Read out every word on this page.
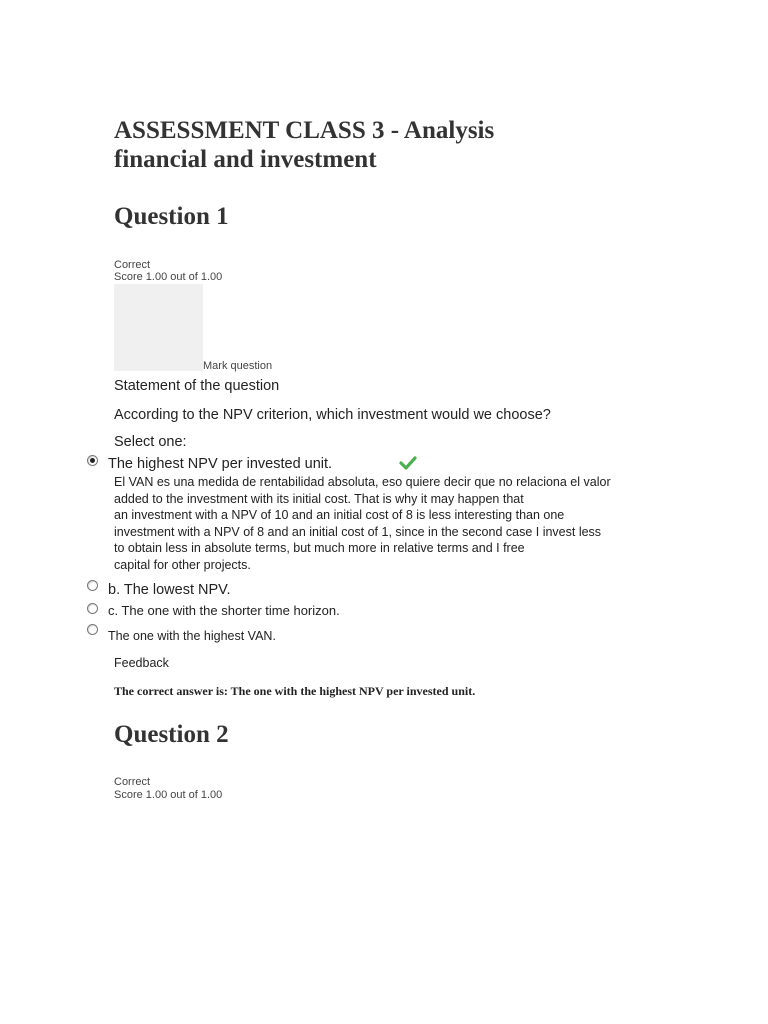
ASSESSMENT CLASS 3 - Analysis
financial and investment
Question 1
Correct
Score 1.00 out of 1.00
Mark question
Statement of the question
According to the NPV criterion, which investment would we choose?
Select one:
The highest NPV per invested unit.
El VAN es una medida de rentabilidad absoluta, eso quiere decir que no relaciona el valor
added to the investment with its initial cost. That is why it may happen that
an investment with a NPV of 10 and an initial cost of 8 is less interesting than one
investment with a NPV of 8 and an initial cost of 1, since in the second case I invest less
to obtain less in absolute terms, but much more in relative terms and I free
capital for other projects.
b. The lowest NPV.
c. The one with the shorter time horizon.
The one with the highest VAN.
Feedback
The correct answer is: The one with the highest NPV per invested unit.
Question 2
Correct
Score 1.00 out of 1.00
